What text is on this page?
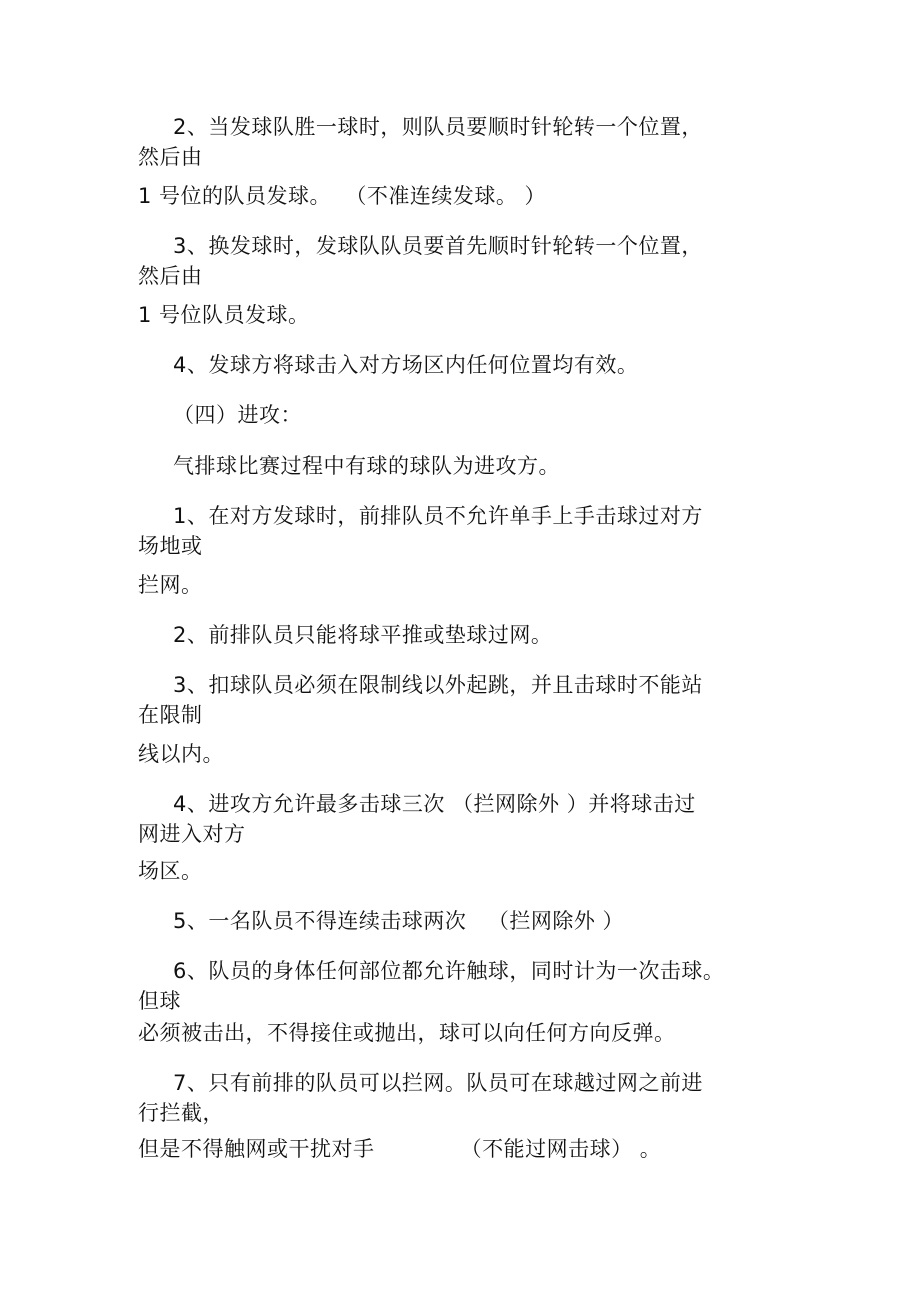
2、当发球队胜一球时，则队员要顺时针轮转一个位置，
然后由
1 号位的队员发球。  （不准连续发球。 ）
3、换发球时，发球队队员要首先顺时针轮转一个位置，
然后由
1 号位队员发球。
4、发球方将球击入对方场区内任何位置均有效。
（四）进攻：
气排球比赛过程中有球的球队为进攻方。
1、在对方发球时，前排队员不允许单手上手击球过对方
场地或
拦网。
2、前排队员只能将球平推或垫球过网。
3、扣球队员必须在限制线以外起跳，并且击球时不能站
在限制
线以内。
4、进攻方允许最多击球三次 （拦网除外 ）并将球击过
网进入对方
场区。
5、一名队员不得连续击球两次   （拦网除外 ）
6、队员的身体任何部位都允许触球，同时计为一次击球。
但球
必须被击出，不得接住或抛出，球可以向任何方向反弹。
7、只有前排的队员可以拦网。队员可在球越过网之前进
行拦截，
但是不得触网或干扰对手            （不能过网击球） 。
